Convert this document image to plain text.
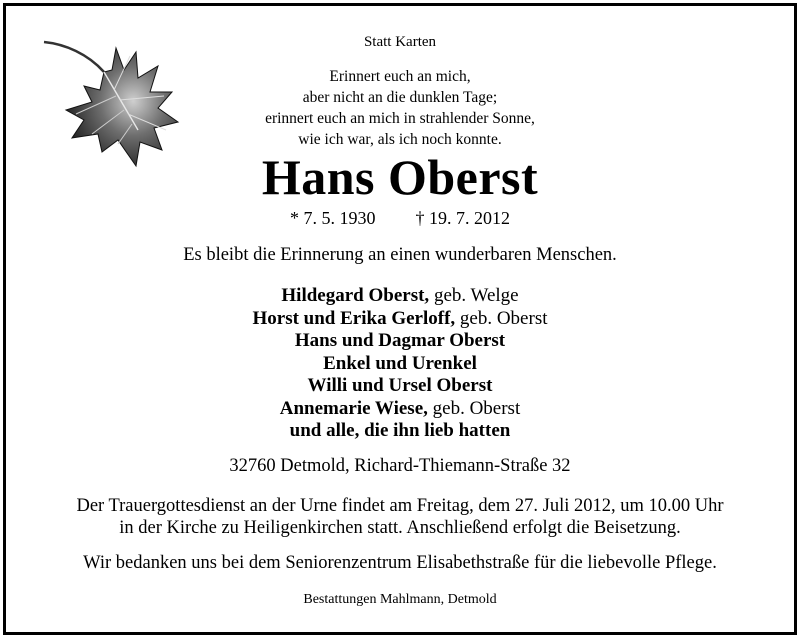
Statt Karten
Erinnert euch an mich,
aber nicht an die dunklen Tage;
erinnert euch an mich in strahlender Sonne,
wie ich war, als ich noch konnte.
Hans Oberst
* 7. 5. 1930 † 19. 7. 2012
Es bleibt die Erinnerung an einen wunderbaren Menschen.
Hildegard Oberst, geb. Welge
Horst und Erika Gerloff, geb. Oberst
Hans und Dagmar Oberst
Enkel und Urenkel
Willi und Ursel Oberst
Annemarie Wiese, geb. Oberst
und alle, die ihn lieb hatten
32760 Detmold, Richard-Thiemann-Straße 32
Der Trauergottesdienst an der Urne findet am Freitag, dem 27. Juli 2012, um 10.00 Uhr
in der Kirche zu Heiligenkirchen statt. Anschließend erfolgt die Beisetzung.
Wir bedanken uns bei dem Seniorenzentrum Elisabethstraße für die liebevolle Pflege.
Bestattungen Mahlmann, Detmold
